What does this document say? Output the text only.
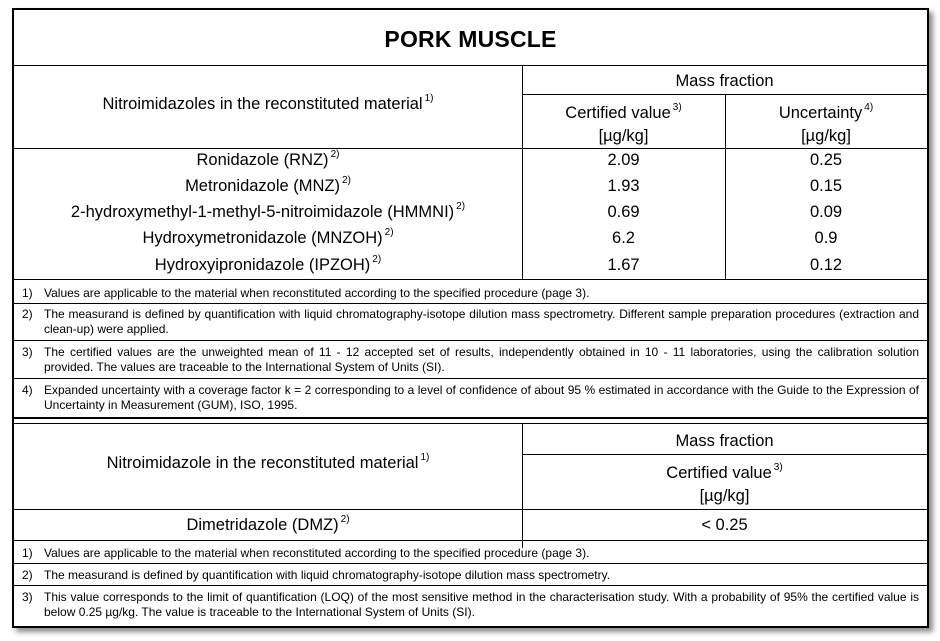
PORK MUSCLE
Nitroimidazoles in the reconstituted material $^{1)}$
Mass fraction
Certified value $^{3)}$
[µg/kg]
Uncertainty $^{4)}$
[µg/kg]
Ronidazole (RNZ) $^{2)}$	2.09	0.25
Metronidazole (MNZ) $^{2)}$	1.93	0.15
2-hydroxymethyl-1-methyl-5-nitroimidazole (HMMNI) $^{2)}$	0.69	0.09
Hydroxymetronidazole (MNZOH) $^{2)}$	6.2	0.9
Hydroxyipronidazole (IPZOH) $^{2)}$	1.67	0.12
1) Values are applicable to the material when reconstituted according to the specified procedure (page 3).
2) The measurand is defined by quantification with liquid chromatography-isotope dilution mass spectrometry. Different sample preparation procedures (extraction and clean-up) were applied.
3) The certified values are the unweighted mean of 11 - 12 accepted set of results, independently obtained in 10 - 11 laboratories, using the calibration solution provided. The values are traceable to the International System of Units (SI).
4) Expanded uncertainty with a coverage factor k = 2 corresponding to a level of confidence of about 95 % estimated in accordance with the Guide to the Expression of Uncertainty in Measurement (GUM), ISO, 1995.
Nitroimidazole in the reconstituted material $^{1)}$
Mass fraction
Certified value $^{3)}$
[µg/kg]
Dimetridazole (DMZ) $^{2)}$	< 0.25
1) Values are applicable to the material when reconstituted according to the specified procedure (page 3).
2) The measurand is defined by quantification with liquid chromatography-isotope dilution mass spectrometry.
3) This value corresponds to the limit of quantification (LOQ) of the most sensitive method in the characterisation study. With a probability of 95% the certified value is below 0.25 µg/kg. The value is traceable to the International System of Units (SI).
